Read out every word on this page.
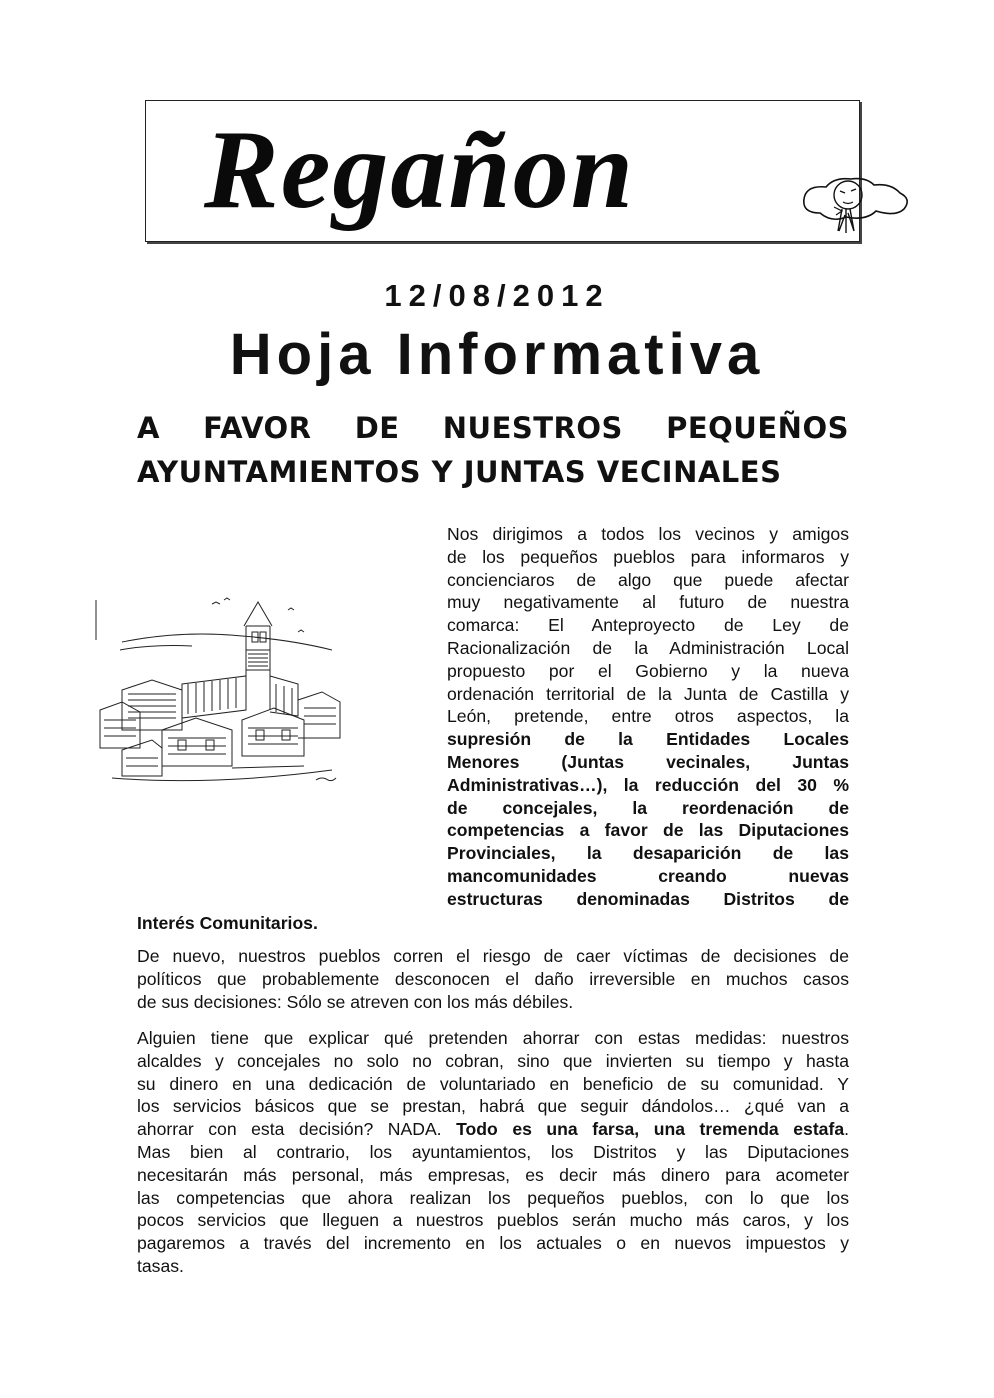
Regañon
12/08/2012
Hoja Informativa
A FAVOR DE NUESTROS PEQUEÑOS
AYUNTAMIENTOS Y JUNTAS VECINALES
Nos dirigimos a todos los vecinos y amigos
de los pequeños pueblos para informaros y
concienciaros de algo que puede afectar
muy negativamente al futuro de nuestra
comarca: El Anteproyecto de Ley de
Racionalización de la Administración Local
propuesto por el Gobierno y la nueva
ordenación territorial de la Junta de Castilla y
León, pretende, entre otros aspectos, la
supresión de la Entidades Locales
Menores (Juntas vecinales, Juntas
Administrativas…), la reducción del 30 %
de concejales, la reordenación de
competencias a favor de las Diputaciones
Provinciales, la desaparición de las
mancomunidades creando nuevas
estructuras denominadas Distritos de
Interés Comunitarios.
De nuevo, nuestros pueblos corren el riesgo de caer víctimas de decisiones de
políticos que probablemente desconocen el daño irreversible en muchos casos
de sus decisiones: Sólo se atreven con los más débiles.
Alguien tiene que explicar qué pretenden ahorrar con estas medidas: nuestros
alcaldes y concejales no solo no cobran, sino que invierten su tiempo y hasta
su dinero en una dedicación de voluntariado en beneficio de su comunidad. Y
los servicios básicos que se prestan, habrá que seguir dándolos… ¿qué van a
ahorrar con esta decisión? NADA. Todo es una farsa, una tremenda estafa.
Mas bien al contrario, los ayuntamientos, los Distritos y las Diputaciones
necesitarán más personal, más empresas, es decir más dinero para acometer
las competencias que ahora realizan los pequeños pueblos, con lo que los
pocos servicios que lleguen a nuestros pueblos serán mucho más caros, y los
pagaremos a través del incremento en los actuales o en nuevos impuestos y
tasas.
